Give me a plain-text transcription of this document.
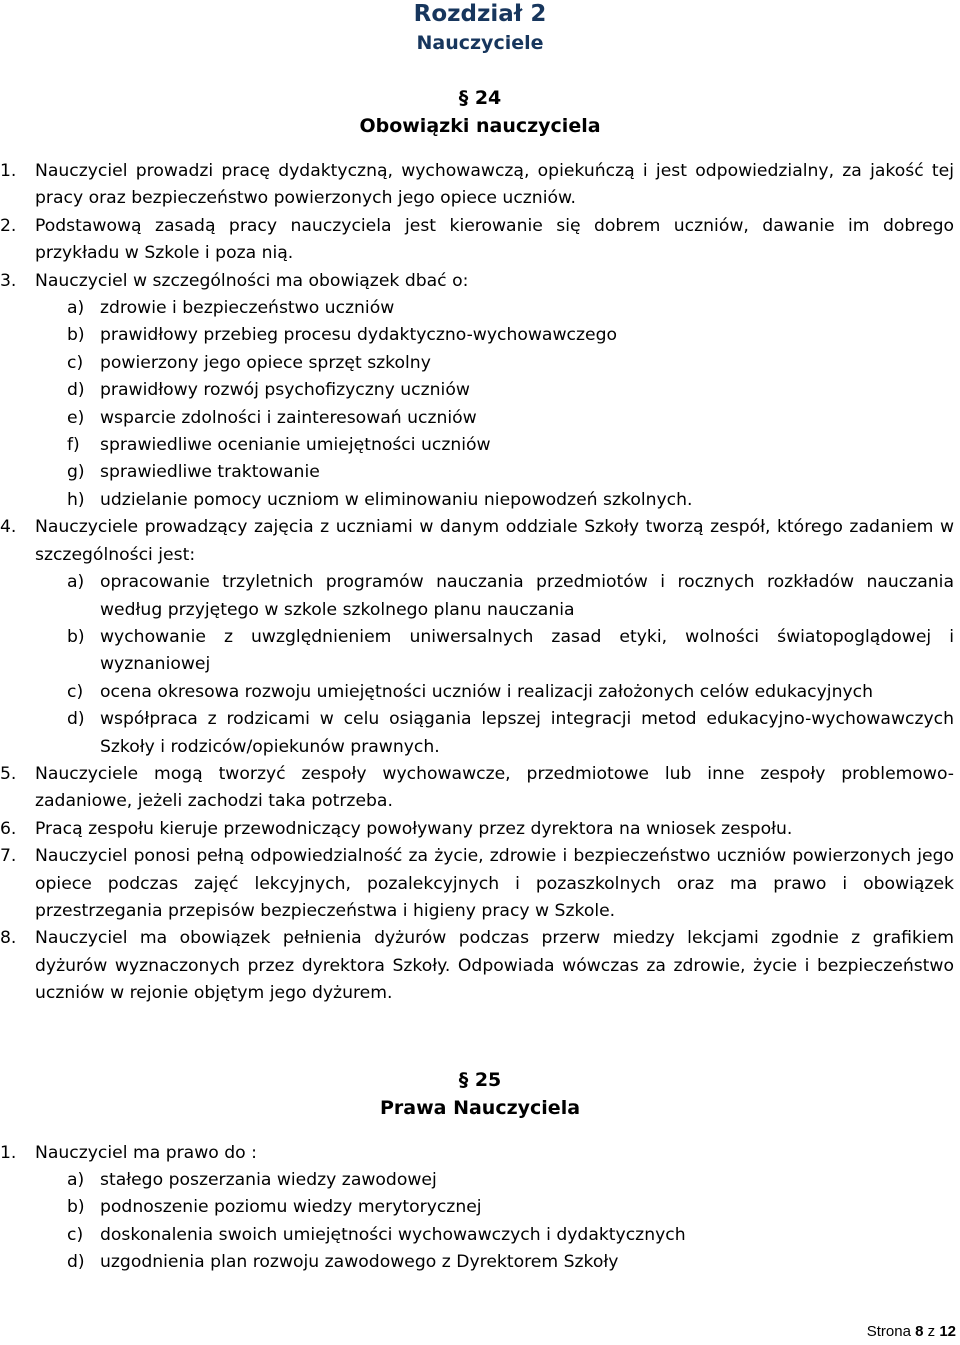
Rozdział 2
Nauczyciele
§ 24
Obowiązki nauczyciela
1.	Nauczyciel prowadzi pracę dydaktyczną, wychowawczą, opiekuńczą i jest odpowiedzialny, za jakość tej pracy oraz bezpieczeństwo powierzonych jego opiece uczniów.
2.	Podstawową zasadą pracy nauczyciela jest kierowanie się dobrem uczniów, dawanie im dobrego przykładu w Szkole i poza nią.
3.	Nauczyciel w szczególności ma obowiązek dbać o:
a) zdrowie i bezpieczeństwo uczniów
b) prawidłowy przebieg procesu dydaktyczno-wychowawczego
c) powierzony jego opiece sprzęt szkolny
d) prawidłowy rozwój psychofizyczny uczniów
e) wsparcie zdolności i zainteresowań uczniów
f)	sprawiedliwe ocenianie umiejętności uczniów
g) sprawiedliwe traktowanie
h) udzielanie pomocy uczniom w eliminowaniu niepowodzeń szkolnych.
4.	Nauczyciele prowadzący zajęcia z uczniami w danym oddziale Szkoły tworzą zespół, którego zadaniem w szczególności jest:
a) opracowanie trzyletnich programów nauczania przedmiotów i rocznych rozkładów nauczania według przyjętego w szkole szkolnego planu nauczania
b) wychowanie z uwzględnieniem uniwersalnych zasad etyki, wolności światopoglądowej i wyznaniowej
c) ocena okresowa rozwoju umiejętności uczniów i realizacji założonych celów edukacyjnych
d) współpraca z rodzicami w celu osiągania lepszej integracji metod edukacyjno-wychowawczych Szkoły i rodziców/opiekunów prawnych.
5.	Nauczyciele mogą tworzyć zespoły wychowawcze, przedmiotowe lub inne zespoły problemowo-zadaniowe, jeżeli zachodzi taka potrzeba.
6.	Pracą zespołu kieruje przewodniczący powoływany przez dyrektora na wniosek zespołu.
7.	Nauczyciel ponosi pełną odpowiedzialność za życie, zdrowie i bezpieczeństwo uczniów powierzonych jego opiece podczas zajęć lekcyjnych, pozalekcyjnych i pozaszkolnych oraz ma prawo i obowiązek przestrzegania przepisów bezpieczeństwa i higieny pracy w Szkole.
8.	Nauczyciel ma obowiązek pełnienia dyżurów podczas przerw miedzy lekcjami zgodnie z grafikiem dyżurów wyznaczonych przez dyrektora Szkoły. Odpowiada wówczas za zdrowie, życie i bezpieczeństwo uczniów w rejonie objętym jego dyżurem.
§ 25
Prawa Nauczyciela
1.	Nauczyciel ma prawo do :
a) stałego poszerzania wiedzy zawodowej
b) podnoszenie poziomu wiedzy merytorycznej
c) doskonalenia swoich umiejętności wychowawczych i dydaktycznych
d) uzgodnienia plan rozwoju zawodowego z Dyrektorem Szkoły
Strona 8 z 12
